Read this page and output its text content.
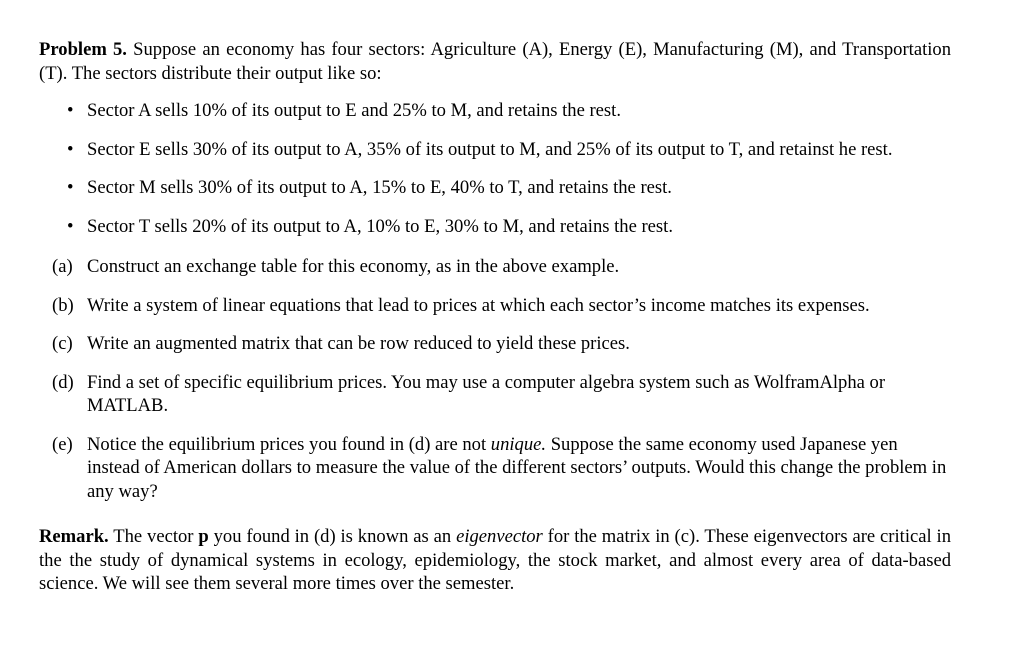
Problem 5. Suppose an economy has four sectors: Agriculture (A), Energy (E), Manufacturing (M), and Transportation (T). The sectors distribute their output like so:

• Sector A sells 10% of its output to E and 25% to M, and retains the rest.
• Sector E sells 30% of its output to A, 35% of its output to M, and 25% of its output to T, and retainst he rest.
• Sector M sells 30% of its output to A, 15% to E, 40% to T, and retains the rest.
• Sector T sells 20% of its output to A, 10% to E, 30% to M, and retains the rest.
(a) Construct an exchange table for this economy, as in the above example.
(b) Write a system of linear equations that lead to prices at which each sector’s income matches its expenses.
(c) Write an augmented matrix that can be row reduced to yield these prices.
(d) Find a set of specific equilibrium prices. You may use a computer algebra system such as WolframAlpha or MATLAB.
(e) Notice the equilibrium prices you found in (d) are not unique. Suppose the same economy used Japanese yen instead of American dollars to measure the value of the different sectors’ outputs. Would this change the problem in any way?

Remark. The vector p you found in (d) is known as an eigenvector for the matrix in (c). These eigenvectors are critical in the the study of dynamical systems in ecology, epidemiology, the stock market, and almost every area of data-based science. We will see them several more times over the semester.
